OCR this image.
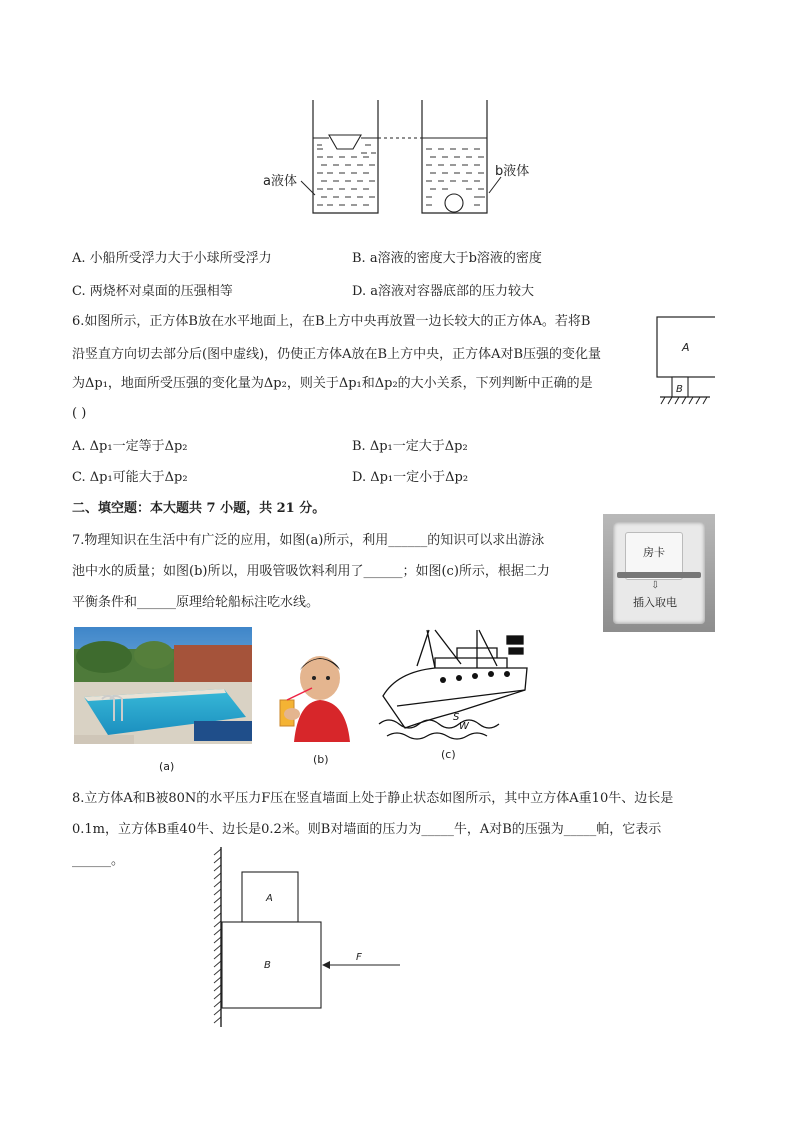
a液体
b液体
A. 小船所受浮力大于小球所受浮力	B. a溶液的密度大于b溶液的密度
C. 两烧杯对桌面的压强相等	D. a溶液对容器底部的压力较大
6.如图所示，正方体B放在水平地面上，在B上方中央再放置一边长较大的正方体A。若将B
沿竖直方向切去部分后(图中虚线)，仍使正方体A放在B上方中央，正方体A对B压强的变化量
为Δp₁，地面所受压强的变化量为Δp₂，则关于Δp₁和Δp₂的大小关系，下列判断中正确的是
( )
A
B
A. Δp₁一定等于Δp₂	B. Δp₁一定大于Δp₂
C. Δp₁可能大于Δp₂	D. Δp₁一定小于Δp₂
二、填空题：本大题共 7 小题，共 21 分。
7.物理知识在生活中有广泛的应用，如图(a)所示，利用______的知识可以求出游泳
池中水的质量；如图(b)所以，用吸管吸饮料利用了______；如图(c)所示，根据二力
平衡条件和______原理给轮船标注吃水线。
房卡
⇩
插入取电
S
W
(a)
(b)	(c)
8.立方体A和B被80N的水平压力F压在竖直墙面上处于静止状态如图所示，其中立方体A重10牛、边长是
0.1m，立方体B重40牛、边长是0.2米。则B对墙面的压力为_____牛，A对B的压强为_____帕，它表示
______。
A
B
F
